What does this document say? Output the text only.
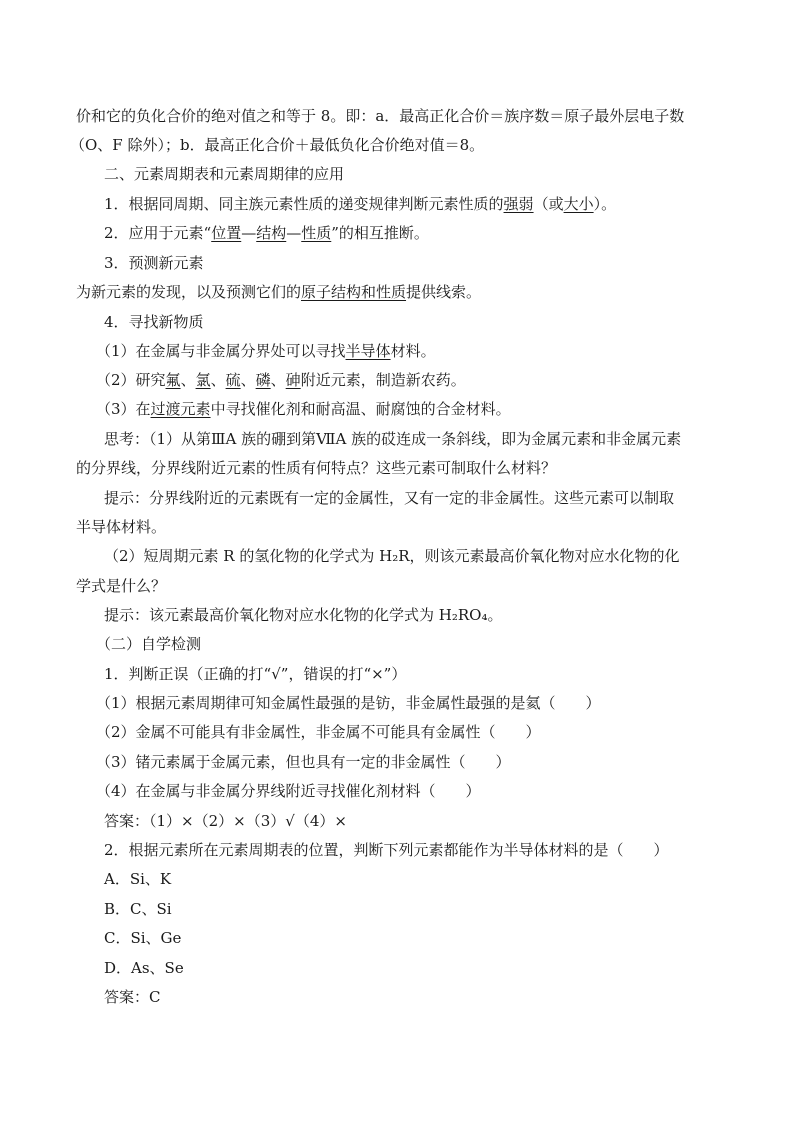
价和它的负化合价的绝对值之和等于 8。即：a．最高正化合价＝族序数＝原子最外层电子数
（O、F 除外）；b．最高正化合价＋最低负化合价绝对值＝8。
二、元素周期表和元素周期律的应用
1．根据同周期、同主族元素性质的递变规律判断元素性质的强弱（或大小）。
2．应用于元素“位置—结构—性质”的相互推断。
3．预测新元素
为新元素的发现，以及预测它们的原子结构和性质提供线索。
4．寻找新物质
（1）在金属与非金属分界处可以寻找半导体材料。
（2）研究氟、氯、硫、磷、砷附近元素，制造新农药。
（3）在过渡元素中寻找催化剂和耐高温、耐腐蚀的合金材料。
思考：（1）从第ⅢA 族的硼到第ⅦA 族的砹连成一条斜线，即为金属元素和非金属元素
的分界线，分界线附近元素的性质有何特点？这些元素可制取什么材料？
提示：分界线附近的元素既有一定的金属性，又有一定的非金属性。这些元素可以制取
半导体材料。
（2）短周期元素 R 的氢化物的化学式为 H₂R，则该元素最高价氧化物对应水化物的化
学式是什么？
提示：该元素最高价氧化物对应水化物的化学式为 H₂RO₄。
（二）自学检测
1．判断正误（正确的打“√”，错误的打“×”）
（1）根据元素周期律可知金属性最强的是钫，非金属性最强的是氦（　　）
（2）金属不可能具有非金属性，非金属不可能具有金属性（　　）
（3）锗元素属于金属元素，但也具有一定的非金属性（　　）
（4）在金属与非金属分界线附近寻找催化剂材料（　　）
答案：（1）×（2）×（3）√（4）×
2．根据元素所在元素周期表的位置，判断下列元素都能作为半导体材料的是（　　）
A．Si、K
B．C、Si
C．Si、Ge
D．As、Se
答案：C
